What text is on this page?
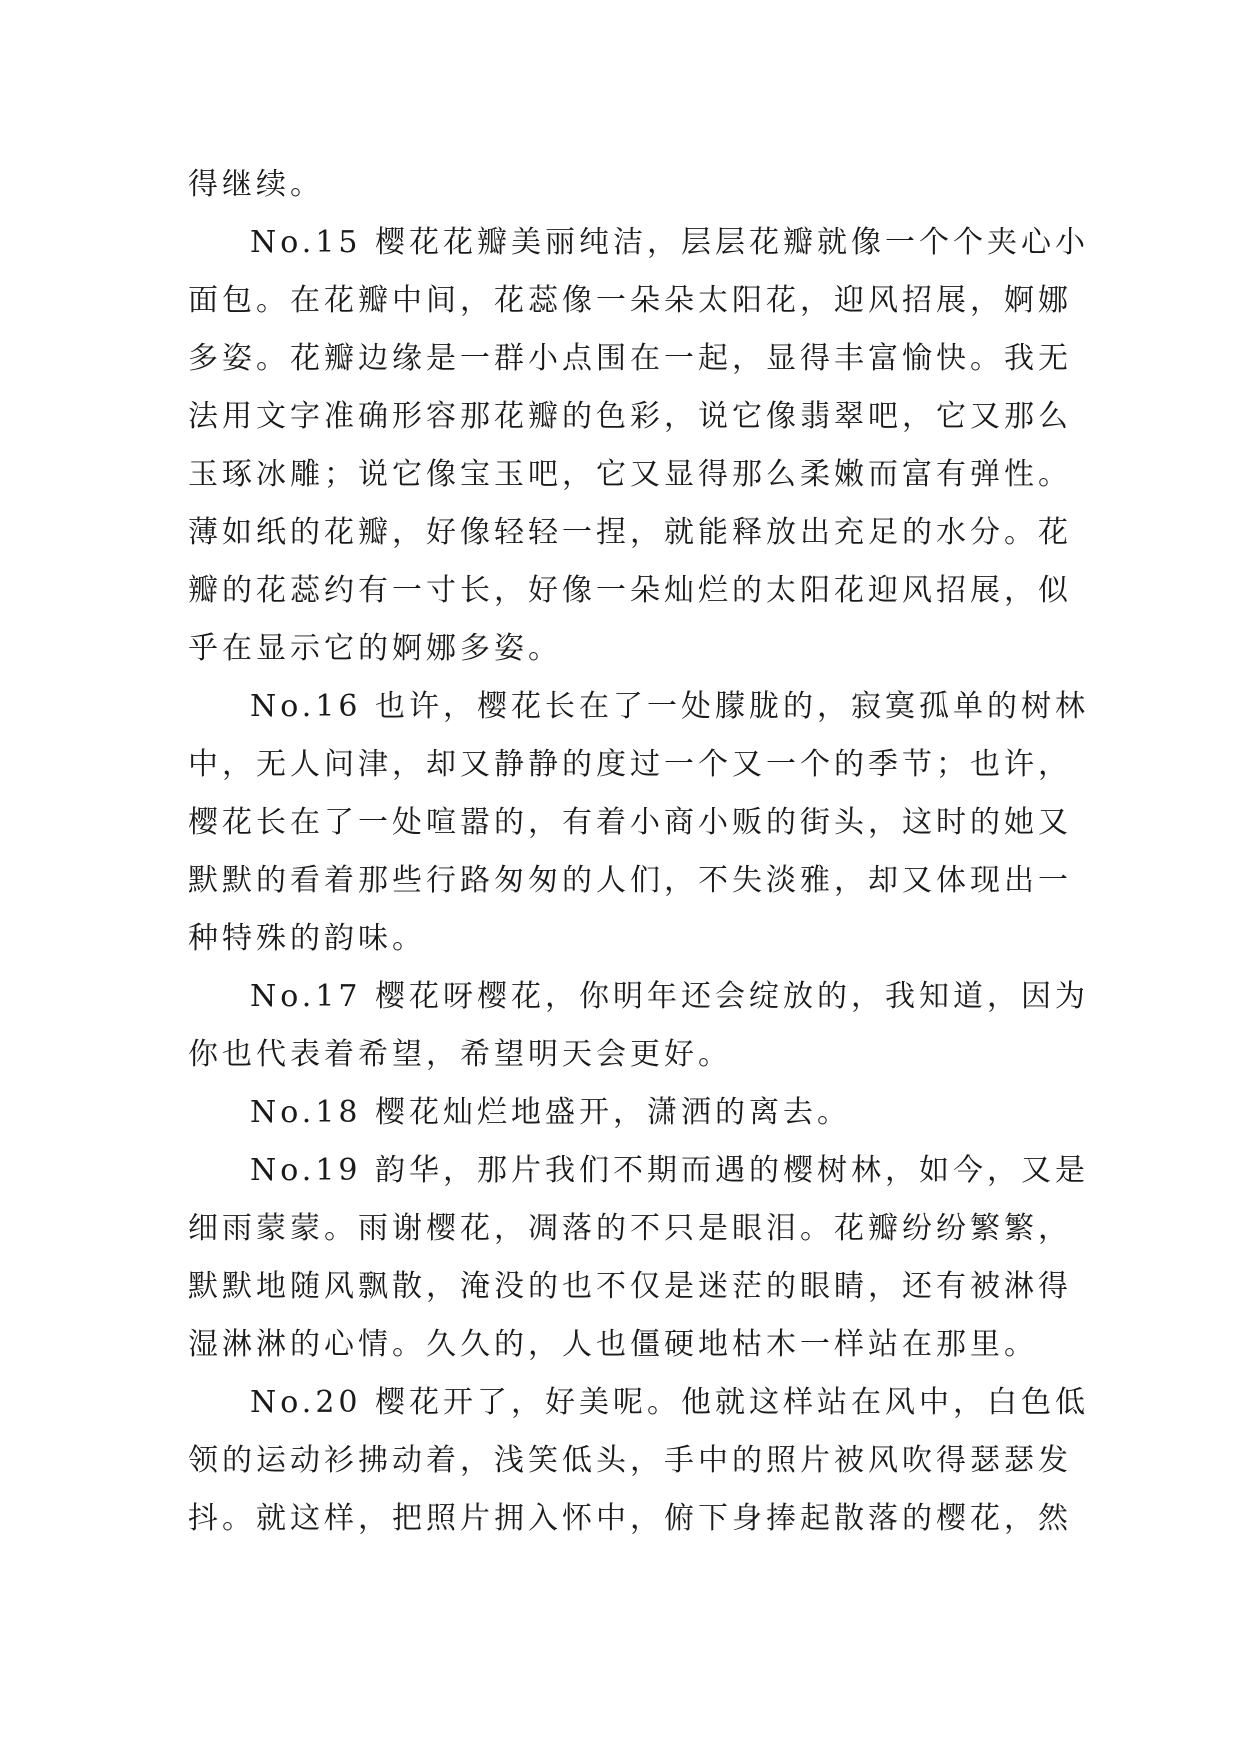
得继续。
No.15 樱花花瓣美丽纯洁，层层花瓣就像一个个夹心小
面包。在花瓣中间，花蕊像一朵朵太阳花，迎风招展，婀娜
多姿。花瓣边缘是一群小点围在一起，显得丰富愉快。我无
法用文字准确形容那花瓣的色彩，说它像翡翠吧，它又那么
玉琢冰雕；说它像宝玉吧，它又显得那么柔嫩而富有弹性。
薄如纸的花瓣，好像轻轻一捏，就能释放出充足的水分。花
瓣的花蕊约有一寸长，好像一朵灿烂的太阳花迎风招展，似
乎在显示它的婀娜多姿。
No.16 也许，樱花长在了一处朦胧的，寂寞孤单的树林
中，无人问津，却又静静的度过一个又一个的季节；也许，
樱花长在了一处喧嚣的，有着小商小贩的街头，这时的她又
默默的看着那些行路匆匆的人们，不失淡雅，却又体现出一
种特殊的韵味。
No.17 樱花呀樱花，你明年还会绽放的，我知道，因为
你也代表着希望，希望明天会更好。
No.18 樱花灿烂地盛开，潇洒的离去。
No.19 韵华，那片我们不期而遇的樱树林，如今，又是
细雨蒙蒙。雨谢樱花，凋落的不只是眼泪。花瓣纷纷繁繁，
默默地随风飘散，淹没的也不仅是迷茫的眼睛，还有被淋得
湿淋淋的心情。久久的，人也僵硬地枯木一样站在那里。
No.20 樱花开了，好美呢。他就这样站在风中，白色低
领的运动衫拂动着，浅笑低头，手中的照片被风吹得瑟瑟发
抖。就这样，把照片拥入怀中，俯下身捧起散落的樱花，然
